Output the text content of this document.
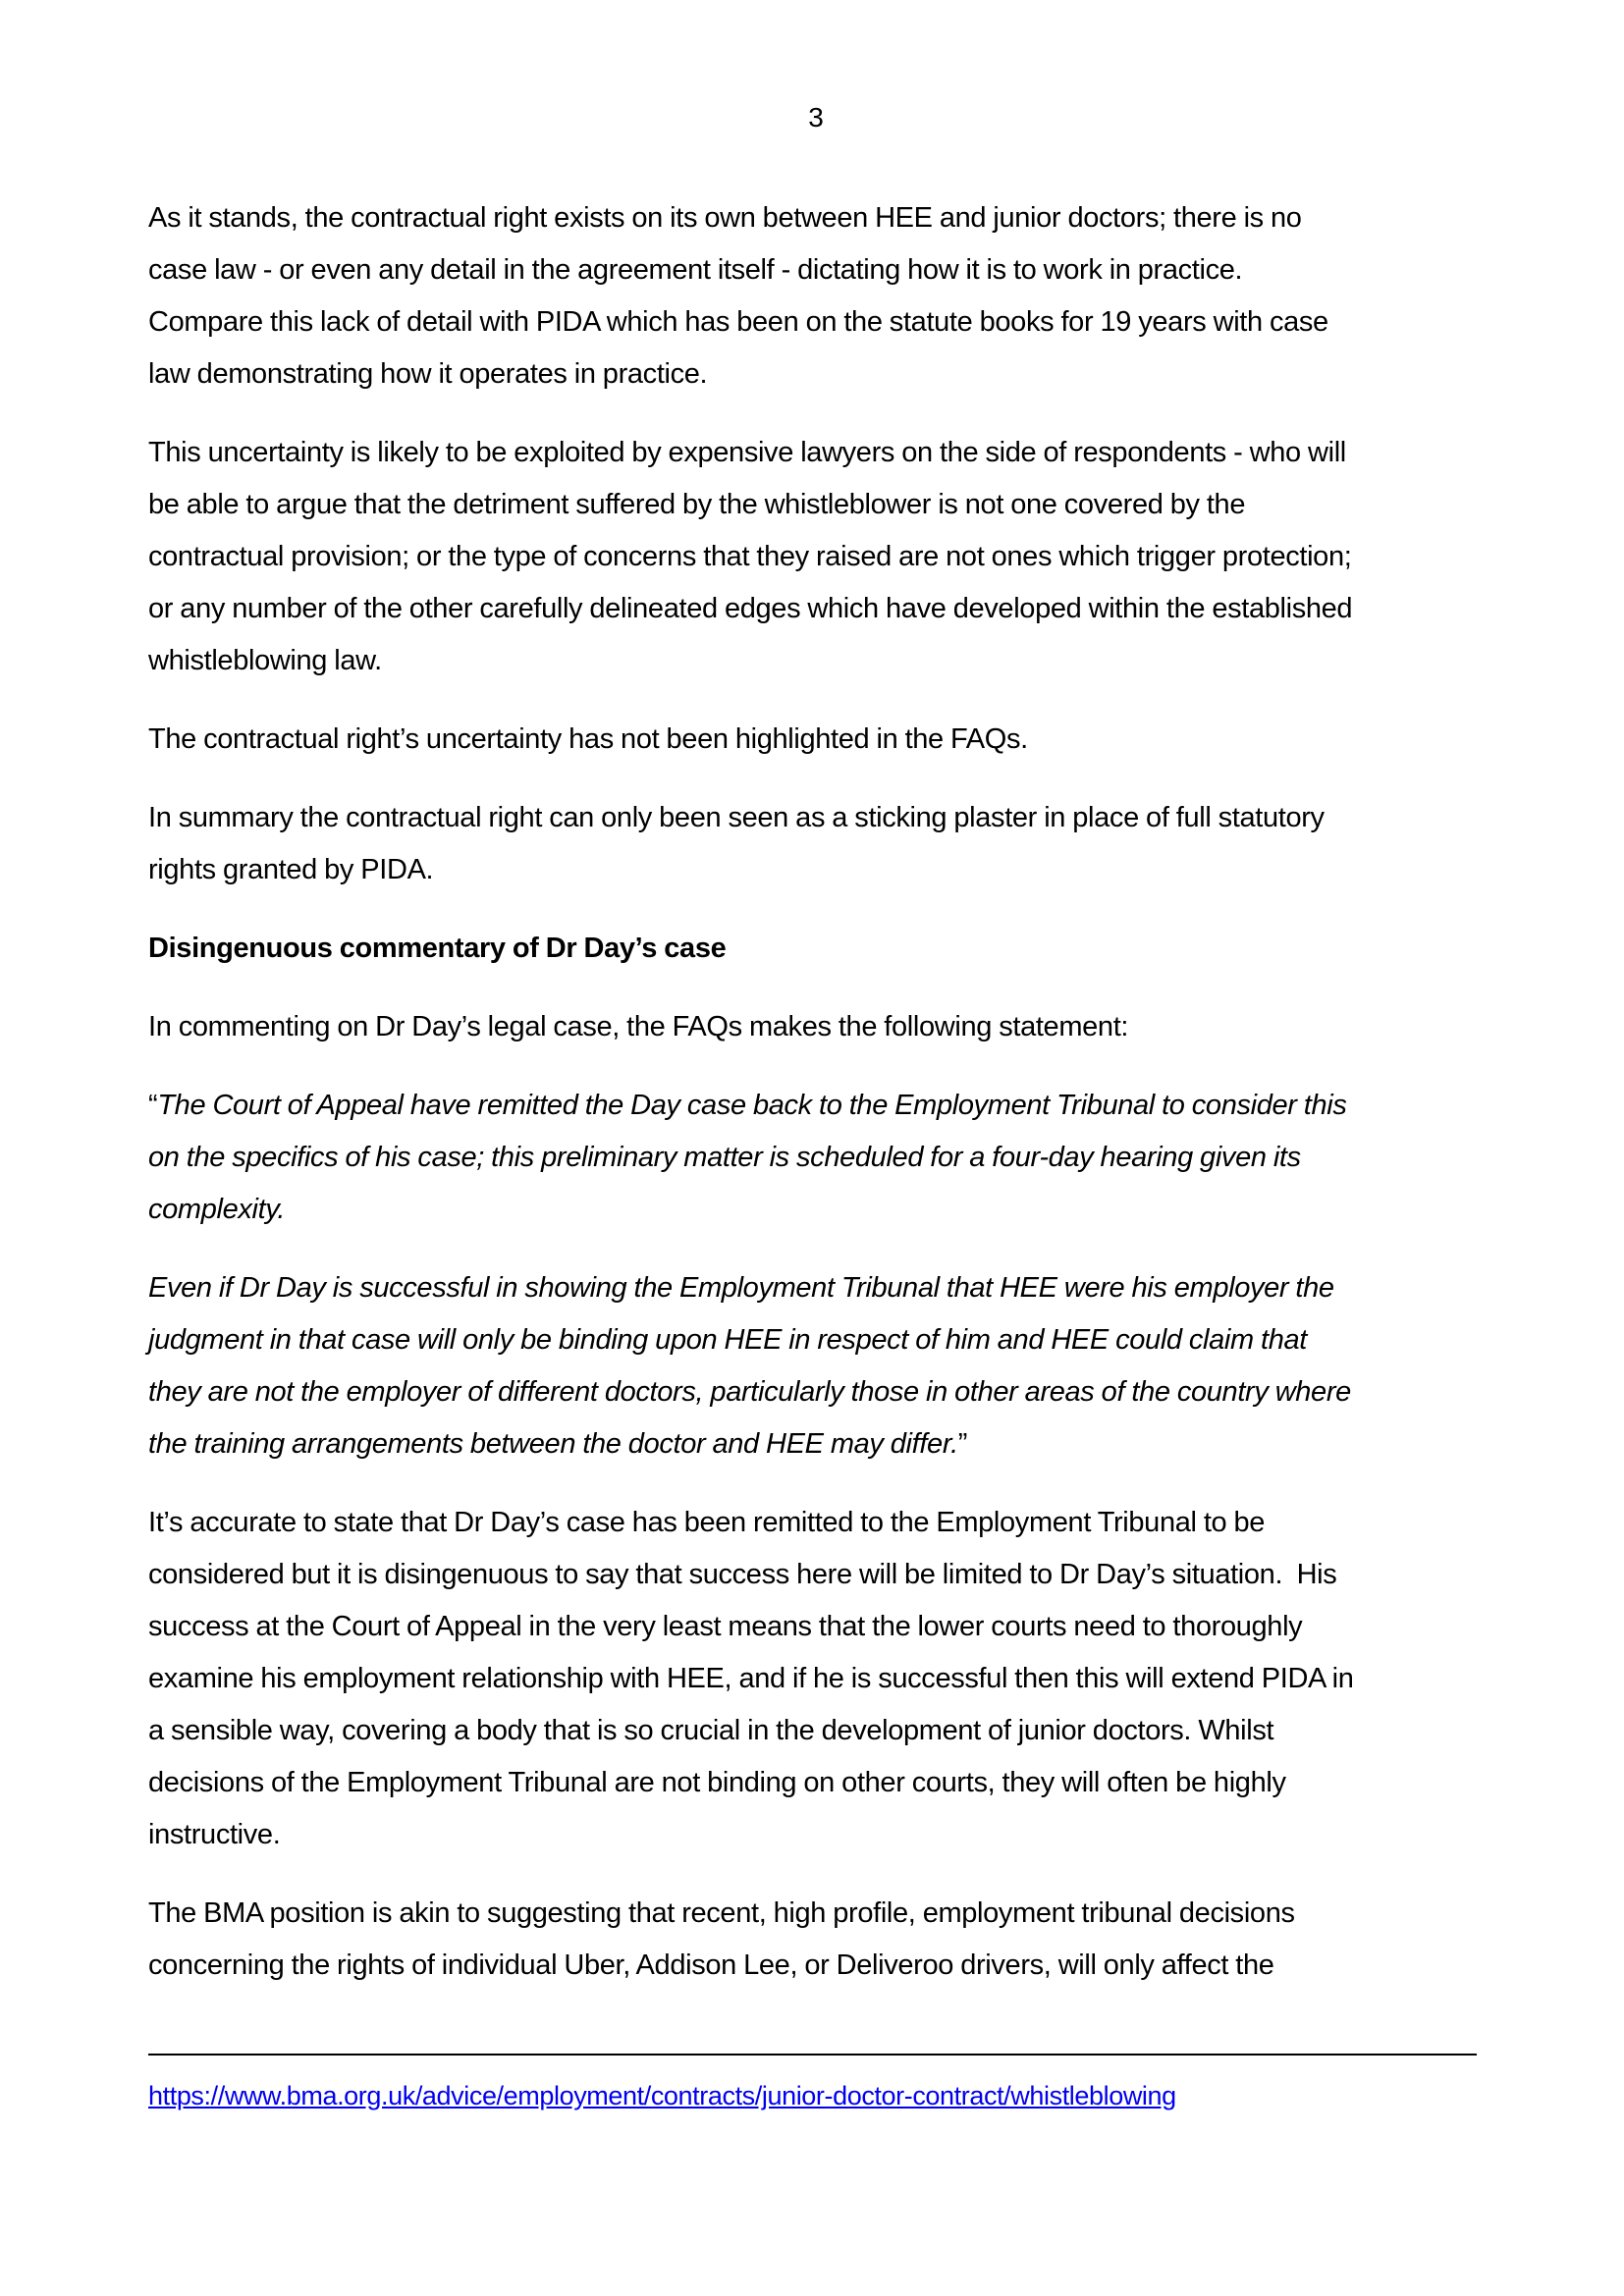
3

As it stands, the contractual right exists on its own between HEE and junior doctors; there is no
case law - or even any detail in the agreement itself - dictating how it is to work in practice.
Compare this lack of detail with PIDA which has been on the statute books for 19 years with case
law demonstrating how it operates in practice.

This uncertainty is likely to be exploited by expensive lawyers on the side of respondents - who will
be able to argue that the detriment suffered by the whistleblower is not one covered by the
contractual provision; or the type of concerns that they raised are not ones which trigger protection;
or any number of the other carefully delineated edges which have developed within the established
whistleblowing law.

The contractual right’s uncertainty has not been highlighted in the FAQs.

In summary the contractual right can only been seen as a sticking plaster in place of full statutory
rights granted by PIDA.

Disingenuous commentary of Dr Day’s case

In commenting on Dr Day’s legal case, the FAQs makes the following statement:

“The Court of Appeal have remitted the Day case back to the Employment Tribunal to consider this
on the specifics of his case; this preliminary matter is scheduled for a four-day hearing given its
complexity.

Even if Dr Day is successful in showing the Employment Tribunal that HEE were his employer the
judgment in that case will only be binding upon HEE in respect of him and HEE could claim that
they are not the employer of different doctors, particularly those in other areas of the country where
the training arrangements between the doctor and HEE may differ.”

It’s accurate to state that Dr Day’s case has been remitted to the Employment Tribunal to be
considered but it is disingenuous to say that success here will be limited to Dr Day’s situation.  His
success at the Court of Appeal in the very least means that the lower courts need to thoroughly
examine his employment relationship with HEE, and if he is successful then this will extend PIDA in
a sensible way, covering a body that is so crucial in the development of junior doctors. Whilst
decisions of the Employment Tribunal are not binding on other courts, they will often be highly
instructive.

The BMA position is akin to suggesting that recent, high profile, employment tribunal decisions
concerning the rights of individual Uber, Addison Lee, or Deliveroo drivers, will only affect the

https://www.bma.org.uk/advice/employment/contracts/junior-doctor-contract/whistleblowing
